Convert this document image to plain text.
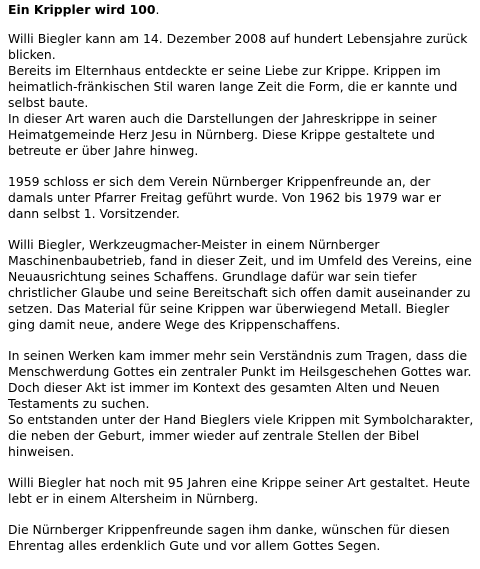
Ein Krippler wird 100.

Willi Biegler kann am 14. Dezember 2008 auf hundert Lebensjahre zurück blicken.
Bereits im Elternhaus entdeckte er seine Liebe zur Krippe. Krippen im heimatlich-fränkischen Stil waren lange Zeit die Form, die er kannte und selbst baute.
In dieser Art waren auch die Darstellungen der Jahreskrippe in seiner Heimatgemeinde Herz Jesu in Nürnberg. Diese Krippe gestaltete und betreute er über Jahre hinweg.

1959 schloss er sich dem Verein Nürnberger Krippenfreunde an, der damals unter Pfarrer Freitag geführt wurde. Von 1962 bis 1979 war er dann selbst 1. Vorsitzender.

Willi Biegler, Werkzeugmacher-Meister in einem Nürnberger Maschinenbaubetrieb, fand in dieser Zeit, und im Umfeld des Vereins, eine Neuausrichtung seines Schaffens. Grundlage dafür war sein tiefer christlicher Glaube und seine Bereitschaft sich offen damit auseinander zu setzen. Das Material für seine Krippen war überwiegend Metall. Biegler ging damit neue, andere Wege des Krippenschaffens.

In seinen Werken kam immer mehr sein Verständnis zum Tragen, dass die Menschwerdung Gottes ein zentraler Punkt im Heilsgeschehen Gottes war. Doch dieser Akt ist immer im Kontext des gesamten Alten und Neuen Testaments zu suchen.
So entstanden unter der Hand Bieglers viele Krippen mit Symbolcharakter, die neben der Geburt, immer wieder auf zentrale Stellen der Bibel hinweisen.

Willi Biegler hat noch mit 95 Jahren eine Krippe seiner Art gestaltet. Heute lebt er in einem Altersheim in Nürnberg.

Die Nürnberger Krippenfreunde sagen ihm danke, wünschen für diesen Ehrentag alles erdenklich Gute und vor allem Gottes Segen.
